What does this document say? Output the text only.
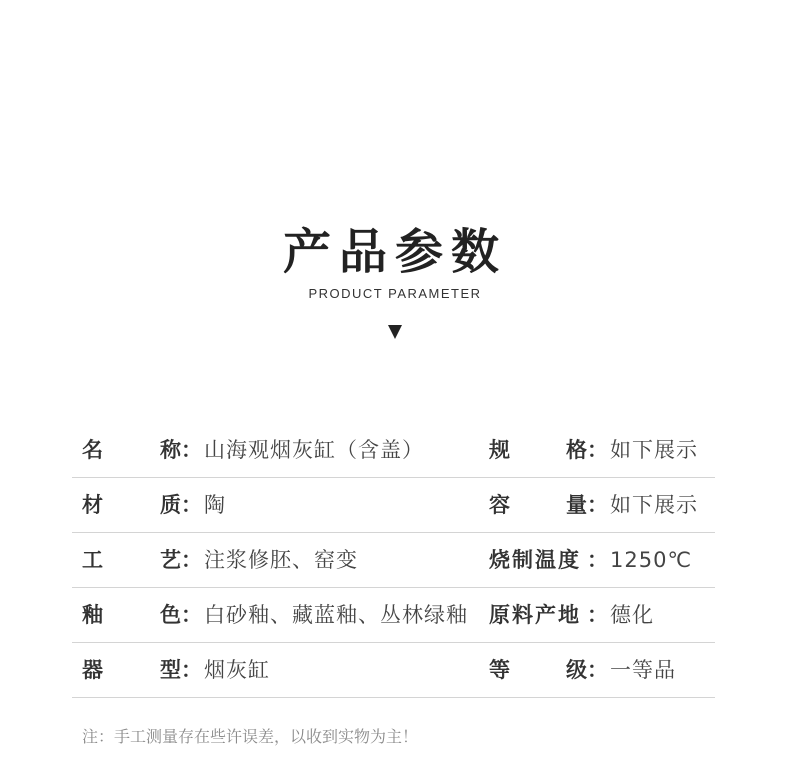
产品参数
PRODUCT PARAMETER
名	称 ： 山海观烟灰缸（含盖）	规	格 ： 如下展示
材	质 ： 陶	容	量 ： 如下展示
工	艺 ： 注浆修胚、窑变	烧制温度 ： 1250℃
釉	色 ： 白砂釉、藏蓝釉、丛林绿釉 原料产地 ： 德化
器	型 ： 烟灰缸	等	级 ： 一等品
注：手工测量存在些许误差，以收到实物为主！
